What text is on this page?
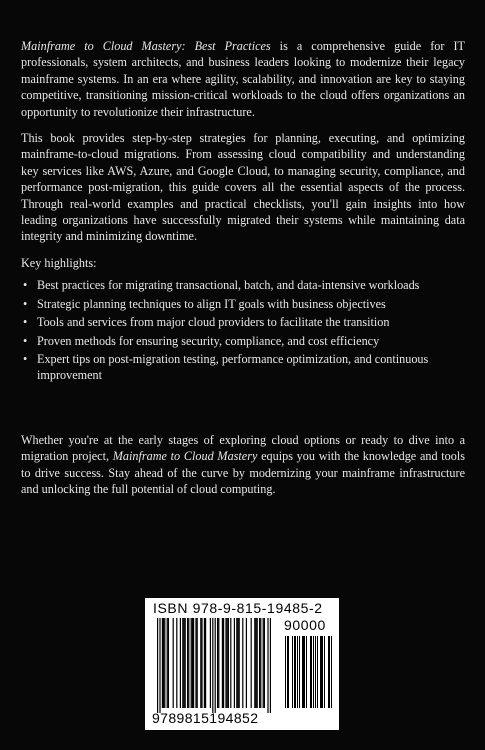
Mainframe to Cloud Mastery: Best Practices is a comprehensive guide for IT professionals, system architects, and business leaders looking to modernize their legacy mainframe systems. In an era where agility, scalability, and innovation are key to staying competitive, transitioning mission-critical workloads to the cloud offers organizations an opportunity to revolutionize their infrastructure.

This book provides step-by-step strategies for planning, executing, and optimizing mainframe-to-cloud migrations. From assessing cloud compatibility and understanding key services like AWS, Azure, and Google Cloud, to managing security, compliance, and performance post-migration, this guide covers all the essential aspects of the process. Through real-world examples and practical checklists, you'll gain insights into how leading organizations have successfully migrated their systems while maintaining data integrity and minimizing downtime.

Key highlights:

• Best practices for migrating transactional, batch, and data-intensive workloads
• Strategic planning techniques to align IT goals with business objectives
• Tools and services from major cloud providers to facilitate the transition
• Proven methods for ensuring security, compliance, and cost efficiency
• Expert tips on post-migration testing, performance optimization, and continuous improvement

Whether you're at the early stages of exploring cloud options or ready to dive into a migration project, Mainframe to Cloud Mastery equips you with the knowledge and tools to drive success. Stay ahead of the curve by modernizing your mainframe infrastructure and unlocking the full potential of cloud computing.

ISBN 978-9-815-19485-2
90000
9789815194852
